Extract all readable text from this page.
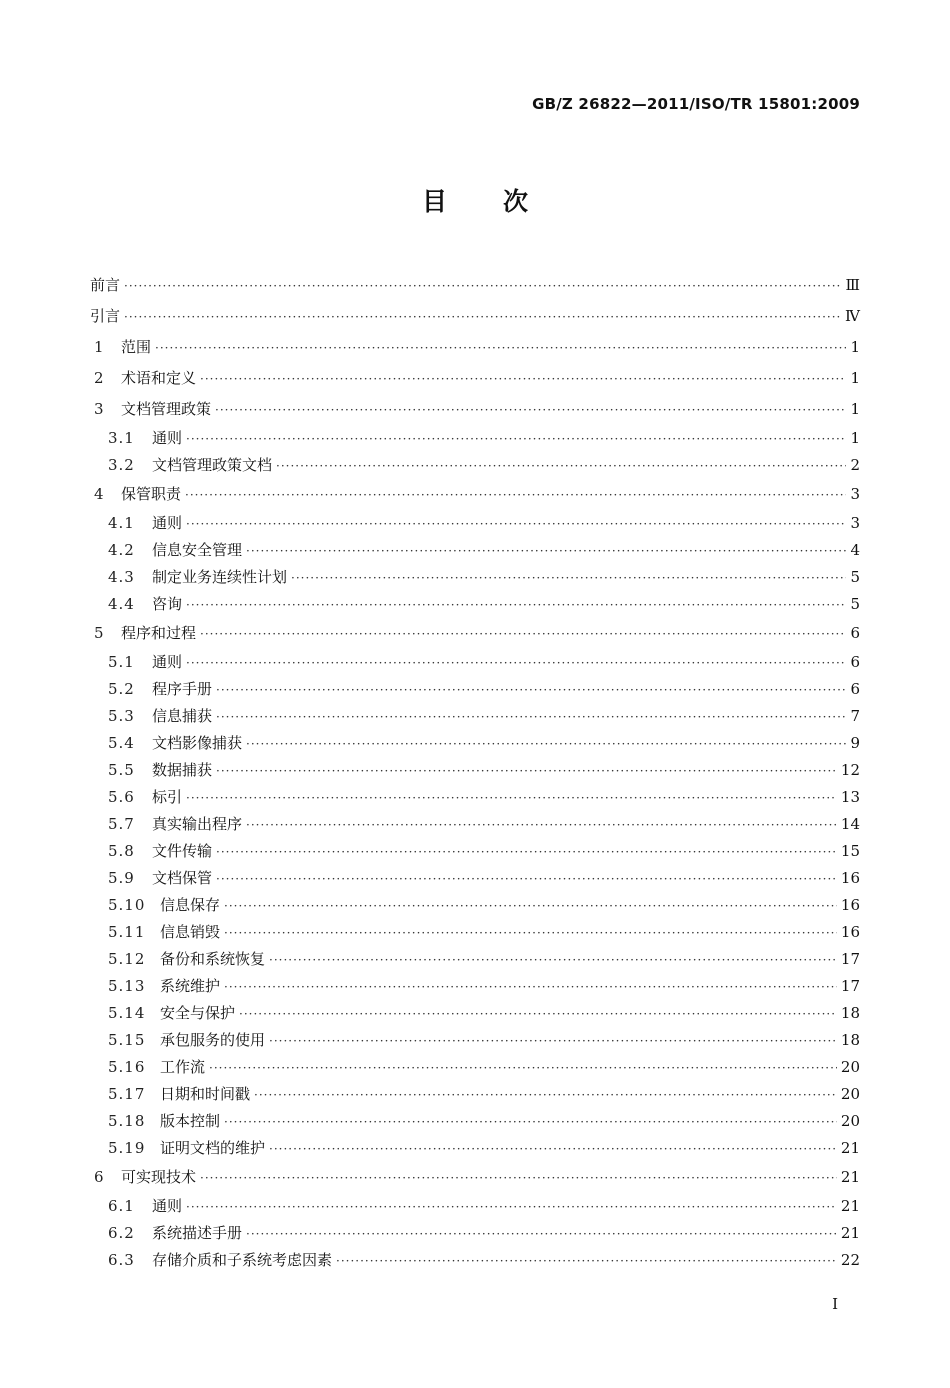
GB/Z 26822—2011/ISO/TR 15801:2009
目 次
前言 ·····	Ⅲ
引言 ·····	Ⅳ
1	范围 ·····	1
2	术语和定义 ·····	1
3	文档管理政策 ·····	1
3.1	通则 ·····	1
3.2	文档管理政策文档 ·····	2
4	保管职责 ·····	3
4.1	通则 ·····	3
4.2	信息安全管理 ·····	4
4.3	制定业务连续性计划 ·····	5
4.4	咨询 ·····	5
5	程序和过程 ·····	6
5.1	通则 ·····	6
5.2	程序手册 ·····	6
5.3	信息捕获 ·····	7
5.4	文档影像捕获 ·····	9
5.5	数据捕获 ·····	12
5.6	标引 ·····	13
5.7	真实输出程序 ·····	14
5.8	文件传输 ·····	15
5.9	文档保管 ·····	16
5.10 信息保存 ·····	16
5.11 信息销毁 ·····	16
5.12 备份和系统恢复 ·····	17
5.13 系统维护 ·····	17
5.14 安全与保护 ·····	18
5.15 承包服务的使用 ·····	18
5.16 工作流 ·····	20
5.17 日期和时间戳 ·····	20
5.18 版本控制 ·····	20
5.19 证明文档的维护 ·····	21
6	可实现技术 ·····	21
6.1	通则 ·····	21
6.2	系统描述手册 ·····	21
6.3	存储介质和子系统考虑因素 ·····	22
I
